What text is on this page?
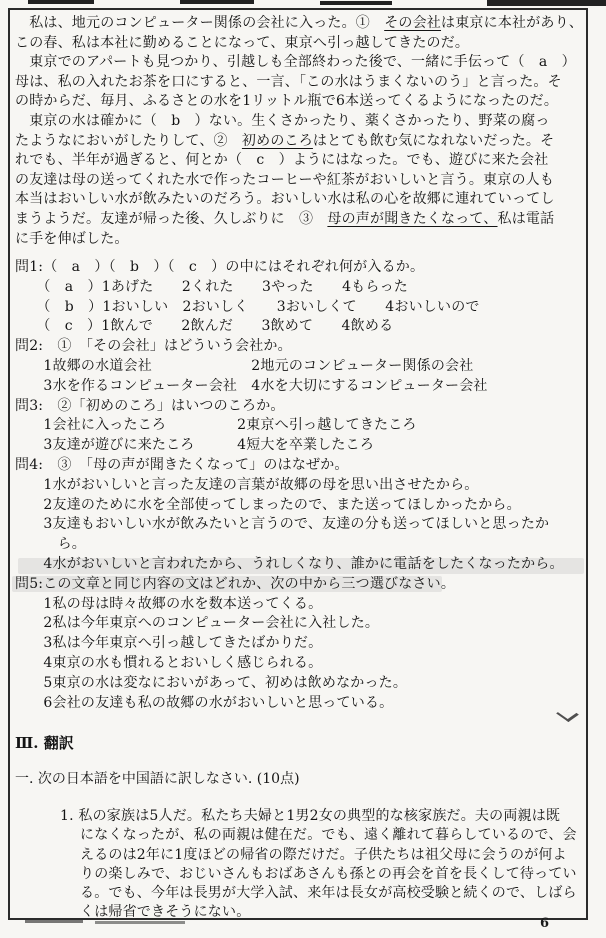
　私は、地元のコンピューター関係の会社に入った。①　その会社は東京に本社があり、
この春、私は本社に勤めることになって、東京へ引っ越してきたのだ。
　東京でのアパートも見つかり、引越しも全部終わった後で、一緒に手伝って（　a　）
母は、私の入れたお茶を口にすると、一言、「この水はうまくないのう」と言った。そ
の時からだ、毎月、ふるさとの水を1リットル瓶で6本送ってくるようになったのだ。
　東京の水は確かに（　b　）ない。生くさかったり、薬くさかったり、野菜の腐っ
たようなにおいがしたりして、②　初めのころはとても飲む気になれないだった。そ
れでも、半年が過ぎると、何とか（　c　）ようにはなった。でも、遊びに来た会社
の友達は母の送ってくれた水で作ったコーヒーや紅茶がおいしいと言う。東京の人も
本当はおいしい水が飲みたいのだろう。おいしい水は私の心を故郷に連れていってし
まうようだ。友達が帰った後、久しぶりに　③　母の声が聞きたくなって、私は電話
に手を伸ばした。
問1:（　a　）（　b　）（　c　）の中にはそれぞれ何が入るか。
　　（　a　）1あげた　　2くれた　　3やった　　4もらった
　　（　b　）1おいしい　2おいしく　　3おいしくて　　4おいしいので
　　（　c　）1飲んで　　2飲んだ　　3飲めて　　4飲める
問2:　①　「その会社」はどういう会社か。
　　1故郷の水道会社　　　　　　　2地元のコンピューター関係の会社
　　3水を作るコンピューター会社　4水を大切にするコンピューター会社
問3:　②「初めのころ」はいつのころか。
　　1会社に入ったころ　　　　　2東京へ引っ越してきたころ
　　3友達が遊びに来たころ　　　4短大を卒業したころ
問4:　③　「母の声が聞きたくなって」のはなぜか。
　　1水がおいしいと言った友達の言葉が故郷の母を思い出させたから。
　　2友達のために水を全部使ってしまったので、また送ってほしかったから。
　　3友達もおいしい水が飲みたいと言うので、友達の分も送ってほしいと思ったか
　　　ら。
　　4水がおいしいと言われたから、うれしくなり、誰かに電話をしたくなったから。
問5:この文章と同じ内容の文はどれか、次の中から三つ選びなさい。
　　1私の母は時々故郷の水を数本送ってくる。
　　2私は今年東京へのコンピューター会社に入社した。
　　3私は今年東京へ引っ越してきたばかりだ。
　　4東京の水も慣れるとおいしく感じられる。
　　5東京の水は変なにおいがあって、初めは飲めなかった。
　　6会社の友達も私の故郷の水がおいしいと思っている。
Ⅲ. 翻訳
一. 次の日本語を中国語に訳しなさい. (10点)
1. 私の家族は5人だ。私たち夫婦と1男2女の典型的な核家族だ。夫の両親は既
になくなったが、私の両親は健在だ。でも、遠く離れて暮らしているので、会
えるのは2年に1度ほどの帰省の際だけだ。子供たちは祖父母に会うのが何よ
りの楽しみで、おじいさんもおばあさんも孫との再会を首を長くして待ってい
る。でも、今年は長男が大学入試、来年は長女が高校受験と続くので、しばら
くは帰省できそうにない。
6
